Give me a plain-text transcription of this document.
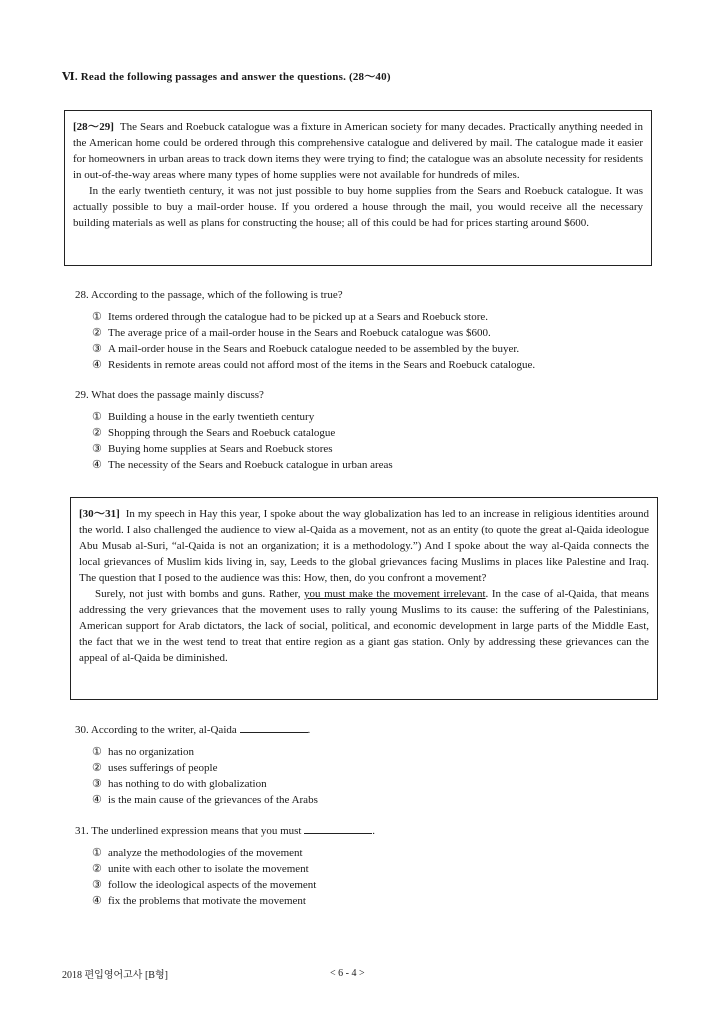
Ⅵ. Read the following passages and answer the questions. (28～40)

[28～29] The Sears and Roebuck catalogue was a fixture in American society for many decades. Practically anything needed in the American home could be ordered through this comprehensive catalogue and delivered by mail. The catalogue made it easier for homeowners in urban areas to track down items they were trying to find; the catalogue was an absolute necessity for residents in out-of-the-way areas where many types of home supplies were not available for hundreds of miles.

In the early twentieth century, it was not just possible to buy home supplies from the Sears and Roebuck catalogue. It was actually possible to buy a mail-order house. If you ordered a house through the mail, you would receive all the necessary building materials as well as plans for constructing the house; all of this could be had for prices starting around $600.

28. According to the passage, which of the following is true?

① Items ordered through the catalogue had to be picked up at a Sears and Roebuck store.
② The average price of a mail-order house in the Sears and Roebuck catalogue was $600.
③ A mail-order house in the Sears and Roebuck catalogue needed to be assembled by the buyer.
④ Residents in remote areas could not afford most of the items in the Sears and Roebuck catalogue.

29. What does the passage mainly discuss?

① Building a house in the early twentieth century
② Shopping through the Sears and Roebuck catalogue
③ Buying home supplies at Sears and Roebuck stores
④ The necessity of the Sears and Roebuck catalogue in urban areas

[30～31] In my speech in Hay this year, I spoke about the way globalization has led to an increase in religious identities around the world. I also challenged the audience to view al-Qaida as a movement, not as an entity (to quote the great al-Qaida ideologue Abu Musab al-Suri, “al-Qaida is not an organization; it is a methodology.”) And I spoke about the way al-Qaida connects the local grievances of Muslim kids living in, say, Leeds to the global grievances facing Muslims in places like Palestine and Iraq. The question that I posed to the audience was this: How, then, do you confront a movement?

Surely, not just with bombs and guns. Rather, you must make the movement irrelevant. In the case of al-Qaida, that means addressing the very grievances that the movement uses to rally young Muslims to its cause: the suffering of the Palestinians, American support for Arab dictators, the lack of social, political, and economic development in large parts of the Middle East, the fact that we in the west tend to treat that entire region as a giant gas station. Only by addressing these grievances can the appeal of al-Qaida be diminished.

30. According to the writer, al-Qaida	.

① has no organization
② uses sufferings of people
③ has nothing to do with globalization
④ is the main cause of the grievances of the Arabs

31. The underlined expression means that you must	.

① analyze the methodologies of the movement
② unite with each other to isolate the movement
③ follow the ideological aspects of the movement
④ fix the problems that motivate the movement
2018 편입영어고사 [B형]	< 6 - 4 >
